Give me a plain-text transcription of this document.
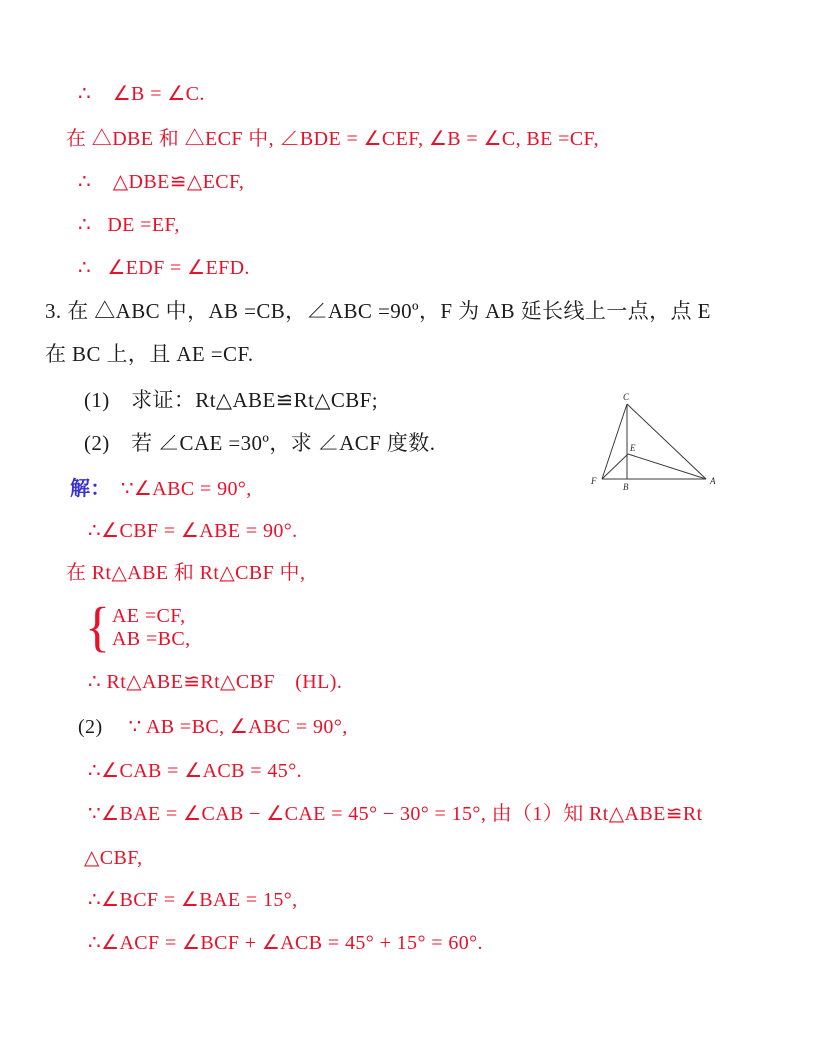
∴    ∠B = ∠C.
在 △DBE 和 △ECF 中, ∠BDE = ∠CEF, ∠B = ∠C, BE =CF,
∴    △DBE≌△ECF,
∴   DE =EF,
∴   ∠EDF = ∠EFD.
3. 在 △ABC 中，AB =CB，∠ABC =90º，F 为 AB 延长线上一点，点 E
在 BC 上，且 AE =CF.
(1)　求证：Rt△ABE≌Rt△CBF;
(2)　若 ∠CAE =30º，求 ∠ACF 度数.
C
E
F
B
A
解： ∵∠ABC = 90°,
∴∠CBF = ∠ABE = 90°.
在 Rt△ABE 和 Rt△CBF 中,
{ AE =CF,
AB =BC,
∴ Rt△ABE≌Rt△CBF　(HL).
(2) ∵ AB =BC, ∠ABC = 90°,
∴∠CAB = ∠ACB = 45°.
∵∠BAE = ∠CAB − ∠CAE = 45° − 30° = 15°, 由（1）知 Rt△ABE≌Rt
△CBF,
∴∠BCF = ∠BAE = 15°,
∴∠ACF = ∠BCF + ∠ACB = 45° + 15° = 60°.
